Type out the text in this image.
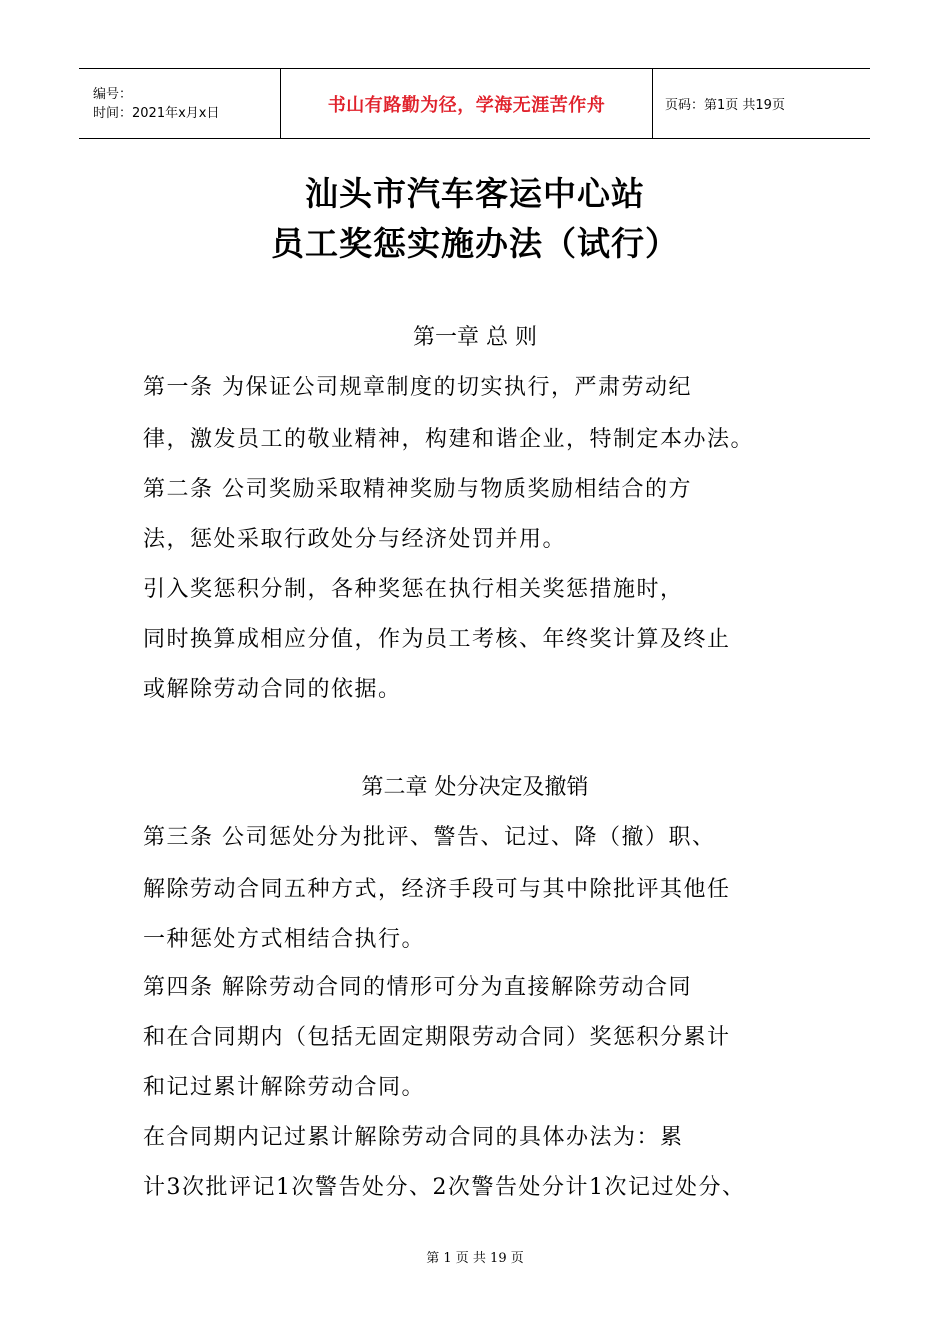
编号：
时间：2021年x月x日	书山有路勤为径，学海无涯苦作舟	页码：第1页 共19页
汕头市汽车客运中心站
员工奖惩实施办法（试行）
第一章 总 则
第一条 为保证公司规章制度的切实执行，严肃劳动纪
律，激发员工的敬业精神，构建和谐企业，特制定本办法。
第二条 公司奖励采取精神奖励与物质奖励相结合的方
法，惩处采取行政处分与经济处罚并用。
引入奖惩积分制，各种奖惩在执行相关奖惩措施时，
同时换算成相应分值，作为员工考核、年终奖计算及终止
或解除劳动合同的依据。
第二章 处分决定及撤销
第三条 公司惩处分为批评、警告、记过、降（撤）职、
解除劳动合同五种方式，经济手段可与其中除批评其他任
一种惩处方式相结合执行。
第四条 解除劳动合同的情形可分为直接解除劳动合同
和在合同期内（包括无固定期限劳动合同）奖惩积分累计
和记过累计解除劳动合同。
在合同期内记过累计解除劳动合同的具体办法为：累
计3次批评记1次警告处分、2次警告处分计1次记过处分、
第 1 页 共 19 页
